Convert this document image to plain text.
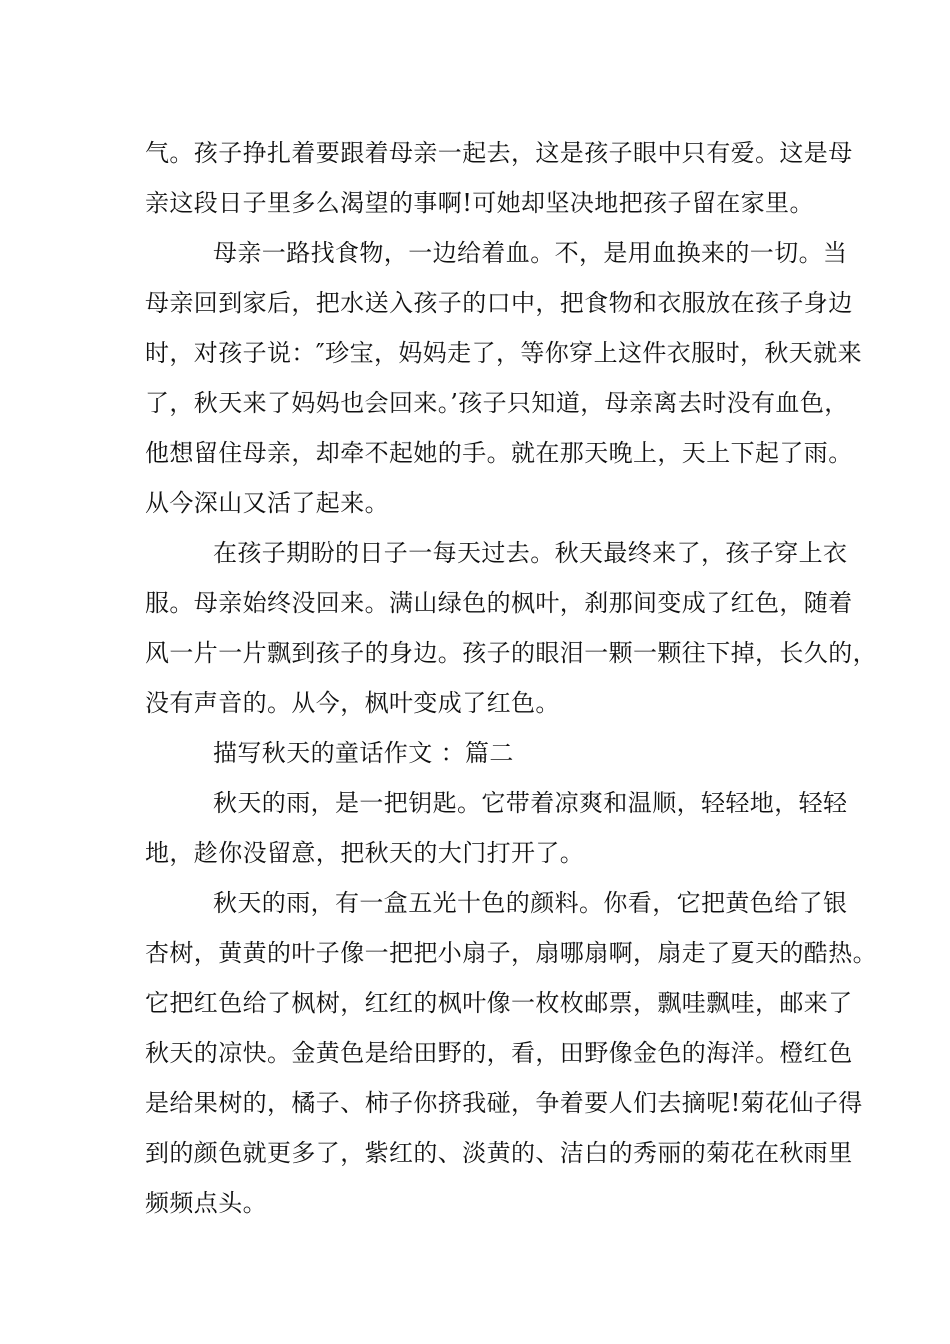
气。孩子挣扎着要跟着母亲一起去，这是孩子眼中只有爱。这是母
亲这段日子里多么渴望的事啊!可她却坚决地把孩子留在家里。
母亲一路找食物，一边给着血。不，是用血换来的一切。当
母亲回到家后，把水送入孩子的口中，把食物和衣服放在孩子身边
时，对孩子说：″珍宝，妈妈走了，等你穿上这件衣服时，秋天就来
了，秋天来了妈妈也会回来。’孩子只知道，母亲离去时没有血色，
他想留住母亲，却牵不起她的手。就在那天晚上，天上下起了雨。
从今深山又活了起来。
在孩子期盼的日子一每天过去。秋天最终来了，孩子穿上衣
服。母亲始终没回来。满山绿色的枫叶，刹那间变成了红色，随着
风一片一片飘到孩子的身边。孩子的眼泪一颗一颗往下掉，长久的，
没有声音的。从今，枫叶变成了红色。
描写秋天的童话作文 ：篇二
秋天的雨，是一把钥匙。它带着凉爽和温顺，轻轻地，轻轻
地，趁你没留意，把秋天的大门打开了。
秋天的雨，有一盒五光十色的颜料。你看，它把黄色给了银
杏树，黄黄的叶子像一把把小扇子，扇哪扇啊，扇走了夏天的酷热。
它把红色给了枫树，红红的枫叶像一枚枚邮票，飘哇飘哇，邮来了
秋天的凉快。金黄色是给田野的，看，田野像金色的海洋。橙红色
是给果树的，橘子、柿子你挤我碰，争着要人们去摘呢!菊花仙子得
到的颜色就更多了，紫红的、淡黄的、洁白的秀丽的菊花在秋雨里
频频点头。
